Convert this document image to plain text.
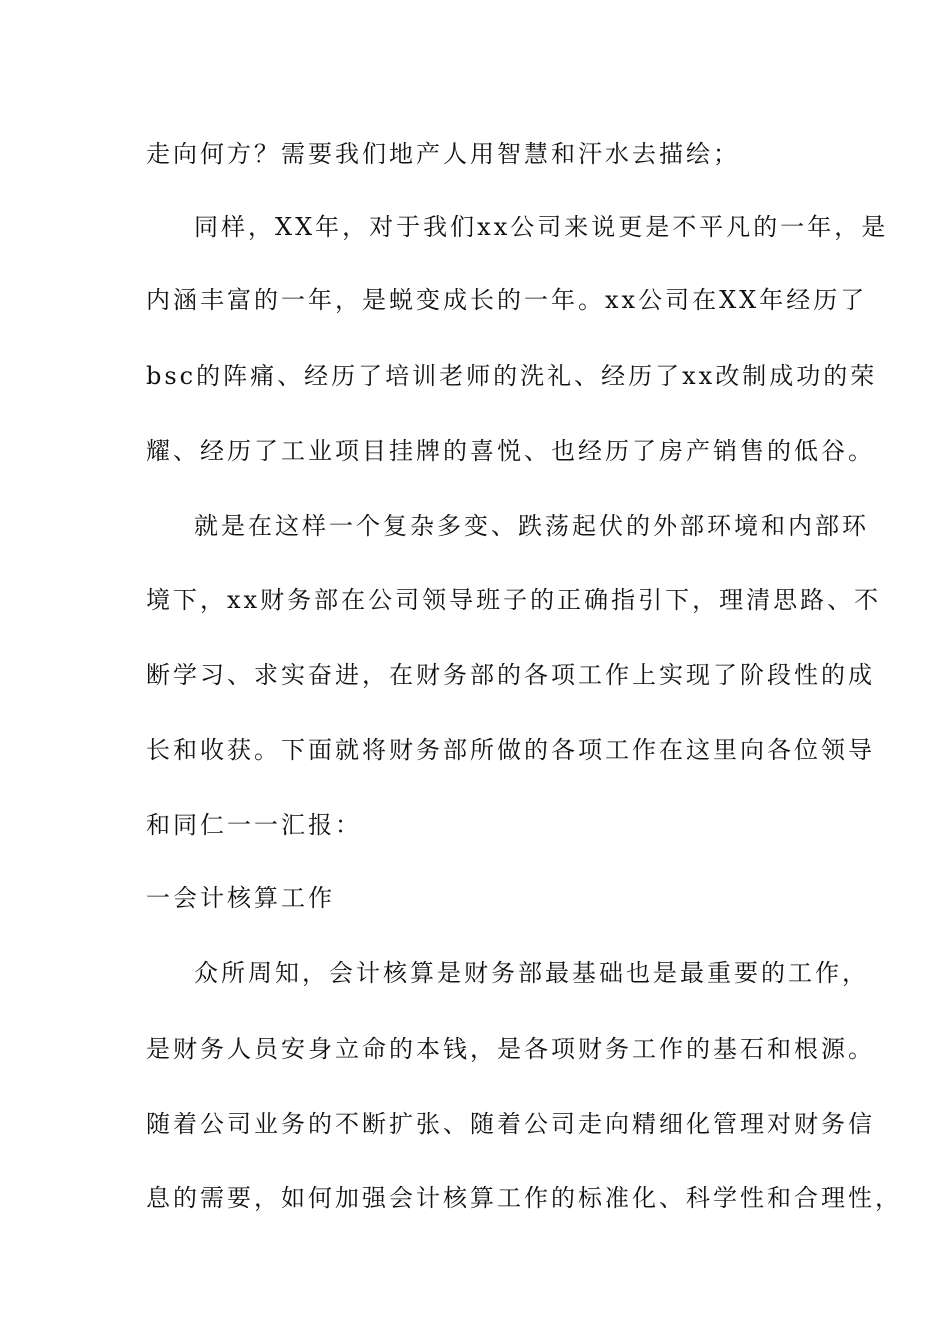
走向何方？需要我们地产人用智慧和汗水去描绘；
同样，XX年，对于我们xx公司来说更是不平凡的一年，是
内涵丰富的一年，是蜕变成长的一年。xx公司在XX年经历了
bsc的阵痛、经历了培训老师的洗礼、经历了xx改制成功的荣
耀、经历了工业项目挂牌的喜悦、也经历了房产销售的低谷。
就是在这样一个复杂多变、跌荡起伏的外部环境和内部环
境下，xx财务部在公司领导班子的正确指引下，理清思路、不
断学习、求实奋进，在财务部的各项工作上实现了阶段性的成
长和收获。下面就将财务部所做的各项工作在这里向各位领导
和同仁一一汇报：
一会计核算工作
众所周知，会计核算是财务部最基础也是最重要的工作，
是财务人员安身立命的本钱，是各项财务工作的基石和根源。
随着公司业务的不断扩张、随着公司走向精细化管理对财务信
息的需要，如何加强会计核算工作的标准化、科学性和合理性，
